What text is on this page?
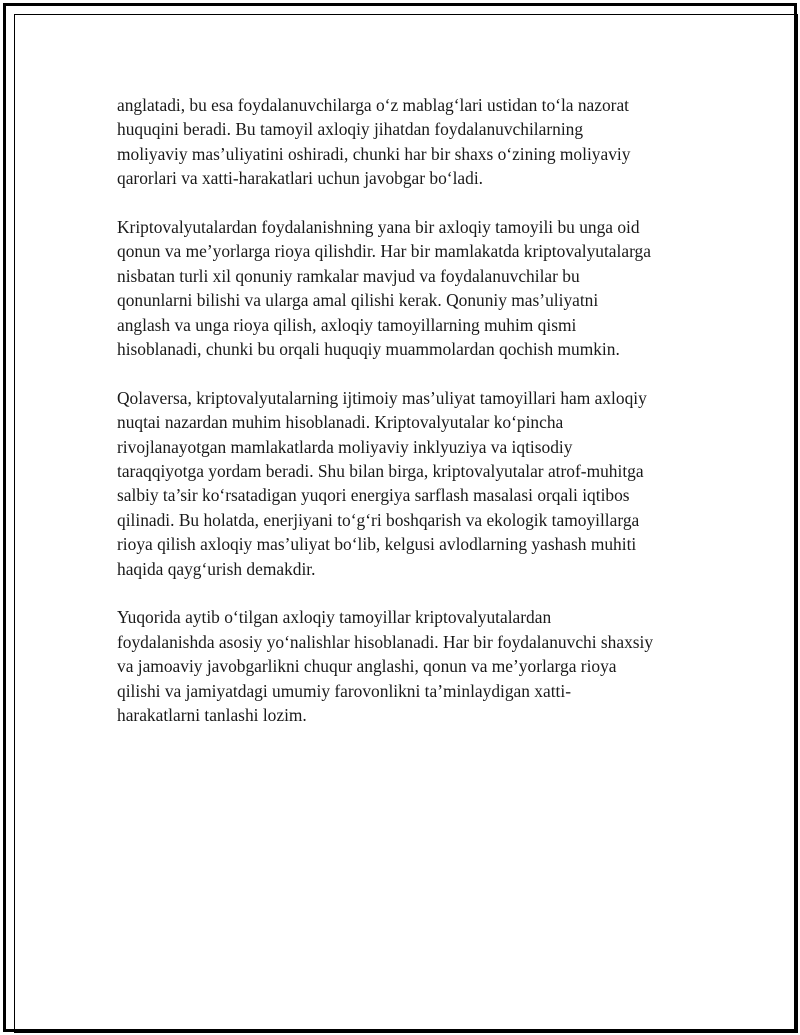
anglatadi, bu esa foydalanuvchilarga o‘z mablag‘lari ustidan to‘la nazorat
huquqini beradi. Bu tamoyil axloqiy jihatdan foydalanuvchilarning
moliyaviy mas’uliyatini oshiradi, chunki har bir shaxs o‘zining moliyaviy
qarorlari va xatti-harakatlari uchun javobgar bo‘ladi.

Kriptovalyutalardan foydalanishning yana bir axloqiy tamoyili bu unga oid
qonun va me’yorlarga rioya qilishdir. Har bir mamlakatda kriptovalyutalarga
nisbatan turli xil qonuniy ramkalar mavjud va foydalanuvchilar bu
qonunlarni bilishi va ularga amal qilishi kerak. Qonuniy mas’uliyatni
anglash va unga rioya qilish, axloqiy tamoyillarning muhim qismi
hisoblanadi, chunki bu orqali huquqiy muammolardan qochish mumkin.

Qolaversa, kriptovalyutalarning ijtimoiy mas’uliyat tamoyillari ham axloqiy
nuqtai nazardan muhim hisoblanadi. Kriptovalyutalar ko‘pincha
rivojlanayotgan mamlakatlarda moliyaviy inklyuziya va iqtisodiy
taraqqiyotga yordam beradi. Shu bilan birga, kriptovalyutalar atrof-muhitga
salbiy ta’sir ko‘rsatadigan yuqori energiya sarflash masalasi orqali iqtibos
qilinadi. Bu holatda, enerjiyani to‘g‘ri boshqarish va ekologik tamoyillarga
rioya qilish axloqiy mas’uliyat bo‘lib, kelgusi avlodlarning yashash muhiti
haqida qayg‘urish demakdir.

Yuqorida aytib o‘tilgan axloqiy tamoyillar kriptovalyutalardan
foydalanishda asosiy yo‘nalishlar hisoblanadi. Har bir foydalanuvchi shaxsiy
va jamoaviy javobgarlikni chuqur anglashi, qonun va me’yorlarga rioya
qilishi va jamiyatdagi umumiy farovonlikni ta’minlaydigan xatti-
harakatlarni tanlashi lozim.
